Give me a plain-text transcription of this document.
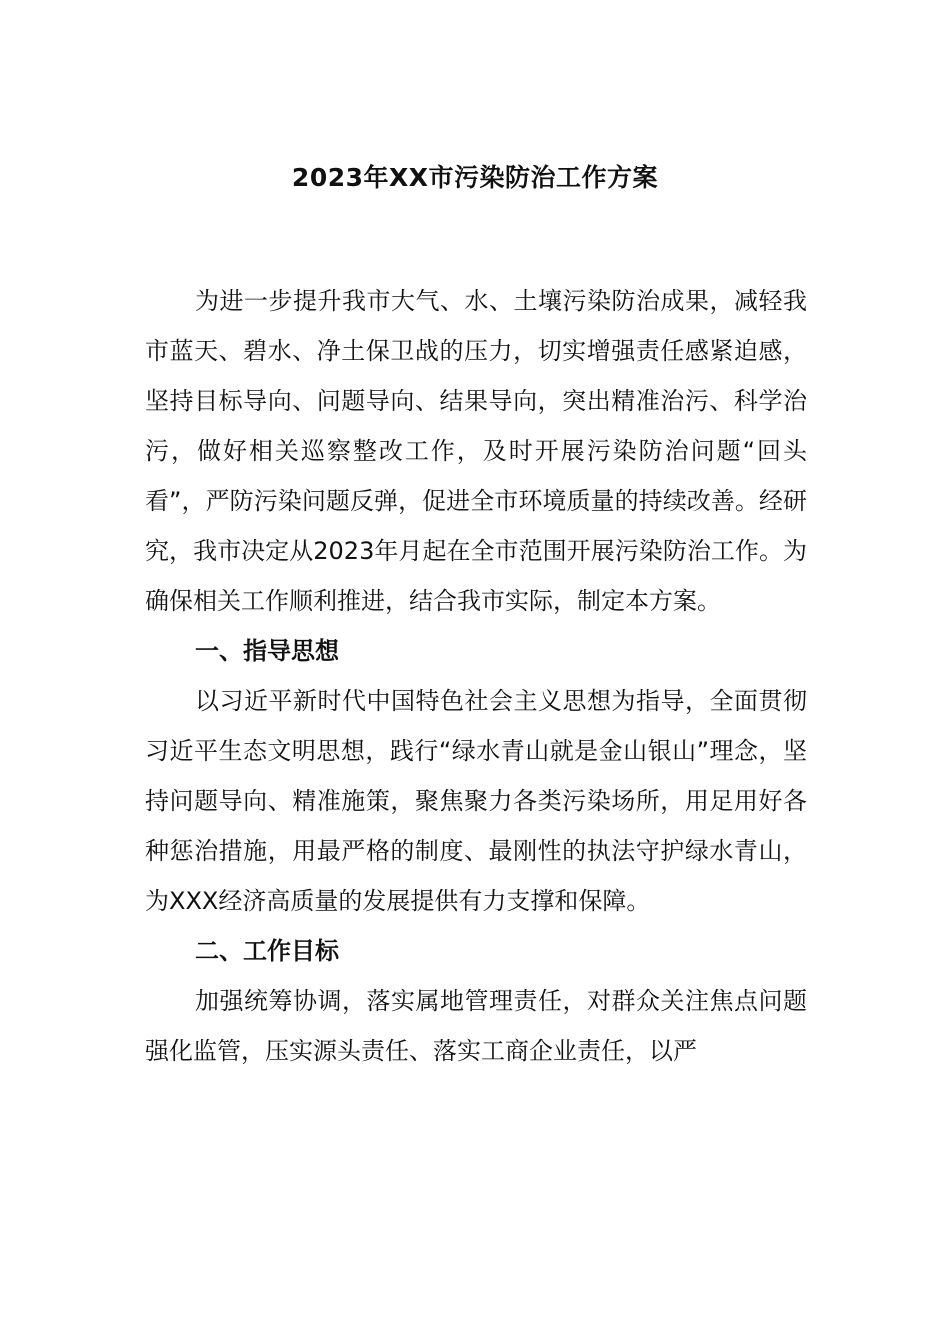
2023年XX市污染防治工作方案

为进一步提升我市大气、水、土壤污染防治成果，减轻我市蓝天、碧水、净土保卫战的压力，切实增强责任感紧迫感，坚持目标导向、问题导向、结果导向，突出精准治污、科学治污，做好相关巡察整改工作，及时开展污染防治问题“回头看”，严防污染问题反弹，促进全市环境质量的持续改善。经研究，我市决定从2023年月起在全市范围开展污染防治工作。为确保相关工作顺利推进，结合我市实际，制定本方案。

一、指导思想

以习近平新时代中国特色社会主义思想为指导，全面贯彻习近平生态文明思想，践行“绿水青山就是金山银山”理念，坚持问题导向、精准施策，聚焦聚力各类污染场所，用足用好各种惩治措施，用最严格的制度、最刚性的执法守护绿水青山，为XXX经济高质量的发展提供有力支撑和保障。

二、工作目标

加强统筹协调，落实属地管理责任，对群众关注焦点问题强化监管，压实源头责任、落实工商企业责任，以严
